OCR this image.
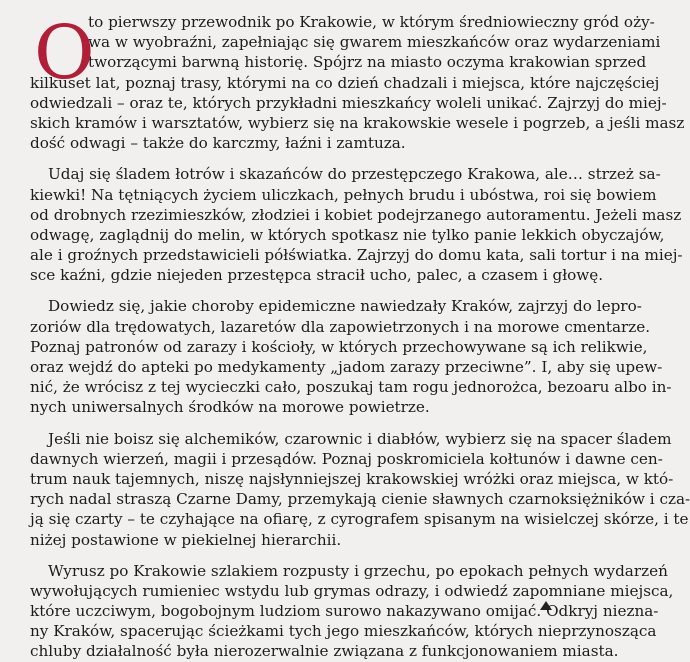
O
to pierwszy przewodnik po Krakowie, w którym średniowieczny gród oży-
wa w wyobraźni, zapełniając się gwarem mieszkańców oraz wydarzeniami
tworzącymi barwną historię. Spójrz na miasto oczyma krakowian sprzed
kilkuset lat, poznaj trasy, którymi na co dzień chadzali i miejsca, które najczęściej
odwiedzali – oraz te, których przykładni mieszkańcy woleli unikać. Zajrzyj do miej-
skich kramów i warsztatów, wybierz się na krakowskie wesele i pogrzeb, a jeśli masz
dość odwagi – także do karczmy, łaźni i zamtuza.
Udaj się śladem łotrów i skazańców do przestępczego Krakowa, ale… strzeż sa-
kiewki! Na tętniących życiem uliczkach, pełnych brudu i ubóstwa, roi się bowiem
od drobnych rzezimieszków, złodziei i kobiet podejrzanego autoramentu. Jeżeli masz
odwagę, zaglądnij do melin, w których spotkasz nie tylko panie lekkich obyczajów,
ale i groźnych przedstawicieli półświatka. Zajrzyj do domu kata, sali tortur i na miej-
sce kaźni, gdzie niejeden przestępca stracił ucho, palec, a czasem i głowę.
Dowiedz się, jakie choroby epidemiczne nawiedzały Kraków, zajrzyj do lepro-
zoriów dla trędowatych, lazaretów dla zapowietrzonych i na morowe cmentarze.
Poznaj patronów od zarazy i kościoły, w których przechowywane są ich relikwie,
oraz wejdź do apteki po medykamenty „jadom zarazy przeciwne”. I, aby się upew-
nić, że wrócisz z tej wycieczki cało, poszukaj tam rogu jednorożca, bezoaru albo in-
nych uniwersalnych środków na morowe powietrze.
Jeśli nie boisz się alchemików, czarownic i diabłów, wybierz się na spacer śladem
dawnych wierzeń, magii i przesądów. Poznaj poskromiciela kołtunów i dawne cen-
trum nauk tajemnych, niszę najsłynniejszej krakowskiej wróżki oraz miejsca, w któ-
rych nadal straszą Czarne Damy, przemykają cienie sławnych czarnoksiężników i cza-
ją się czarty – te czyhające na ofiarę, z cyrografem spisanym na wisielczej skórze, i te
niżej postawione w piekielnej hierarchii.
Wyrusz po Krakowie szlakiem rozpusty i grzechu, po epokach pełnych wydarzeń
wywołujących rumieniec wstydu lub grymas odrazy, i odwiedź zapomniane miejsca,
które uczciwym, bogobojnym ludziom surowo nakazywano omijać. Odkryj niezna-
ny Kraków, spacerując ścieżkami tych jego mieszkańców, których nieprzynosząca
chluby działalność była nierozerwalnie związana z funkcjonowaniem miasta.
